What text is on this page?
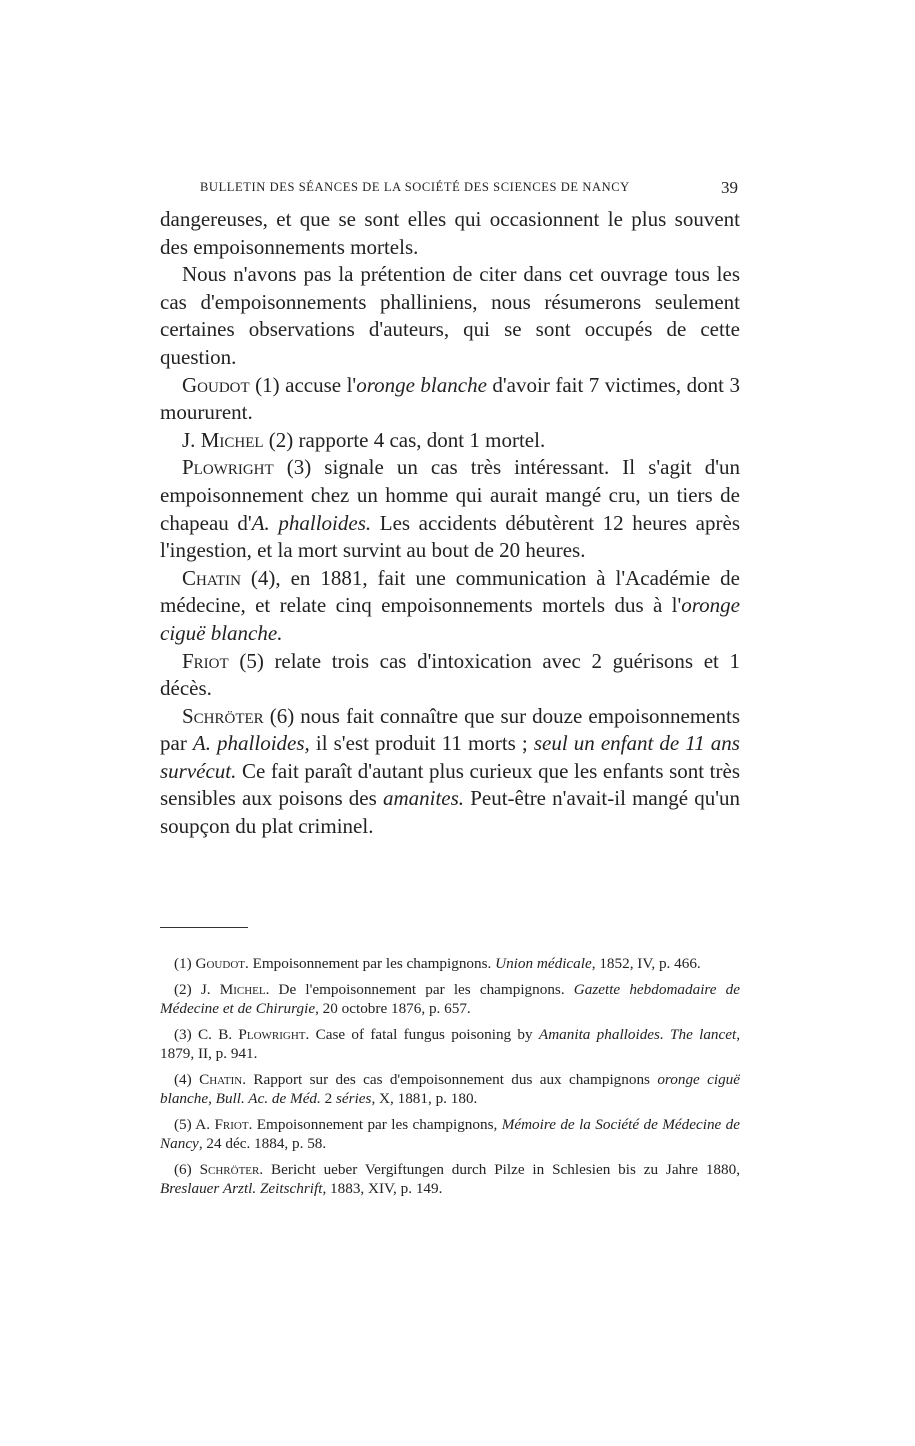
BULLETIN DES SÉANCES DE LA SOCIÉTÉ DES SCIENCES DE NANCY	39

dangereuses, et que se sont elles qui occasionnent le plus souvent des empoisonnements mortels.

Nous n'avons pas la prétention de citer dans cet ouvrage tous les cas d'empoisonnements phalliniens, nous résumerons seulement certaines observations d'auteurs, qui se sont occupés de cette question.

Goudot (1) accuse l'oronge blanche d'avoir fait 7 victimes, dont 3 moururent.

J. Michel (2) rapporte 4 cas, dont 1 mortel.

Plowright (3) signale un cas très intéressant. Il s'agit d'un empoisonnement chez un homme qui aurait mangé cru, un tiers de chapeau d'A. phalloides. Les accidents débutèrent 12 heures après l'ingestion, et la mort survint au bout de 20 heures.

Chatin (4), en 1881, fait une communication à l'Académie de médecine, et relate cinq empoisonnements mortels dus à l'oronge ciguë blanche.

Friot (5) relate trois cas d'intoxication avec 2 guérisons et 1 décès.

Schröter (6) nous fait connaître que sur douze empoisonnements par A. phalloides, il s'est produit 11 morts ; seul un enfant de 11 ans survécut. Ce fait paraît d'autant plus curieux que les enfants sont très sensibles aux poisons des amanites. Peut-être n'avait-il mangé qu'un soupçon du plat criminel.

(1) Goudot. Empoisonnement par les champignons. Union médicale, 1852, IV, p. 466.

(2) J. Michel. De l'empoisonnement par les champignons. Gazette hebdomadaire de Médecine et de Chirurgie, 20 octobre 1876, p. 657.

(3) C. B. Plowright. Case of fatal fungus poisoning by Amanita phalloides. The lancet, 1879, II, p. 941.

(4) Chatin. Rapport sur des cas d'empoisonnement dus aux champignons oronge ciguë blanche, Bull. Ac. de Méd. 2 séries, X, 1881, p. 180.

(5) A. Friot. Empoisonnement par les champignons, Mémoire de la Société de Médecine de Nancy, 24 déc. 1884, p. 58.

(6) Schröter. Bericht ueber Vergiftungen durch Pilze in Schlesien bis zu Jahre 1880, Breslauer Arztl. Zeitschrift, 1883, XIV, p. 149.
